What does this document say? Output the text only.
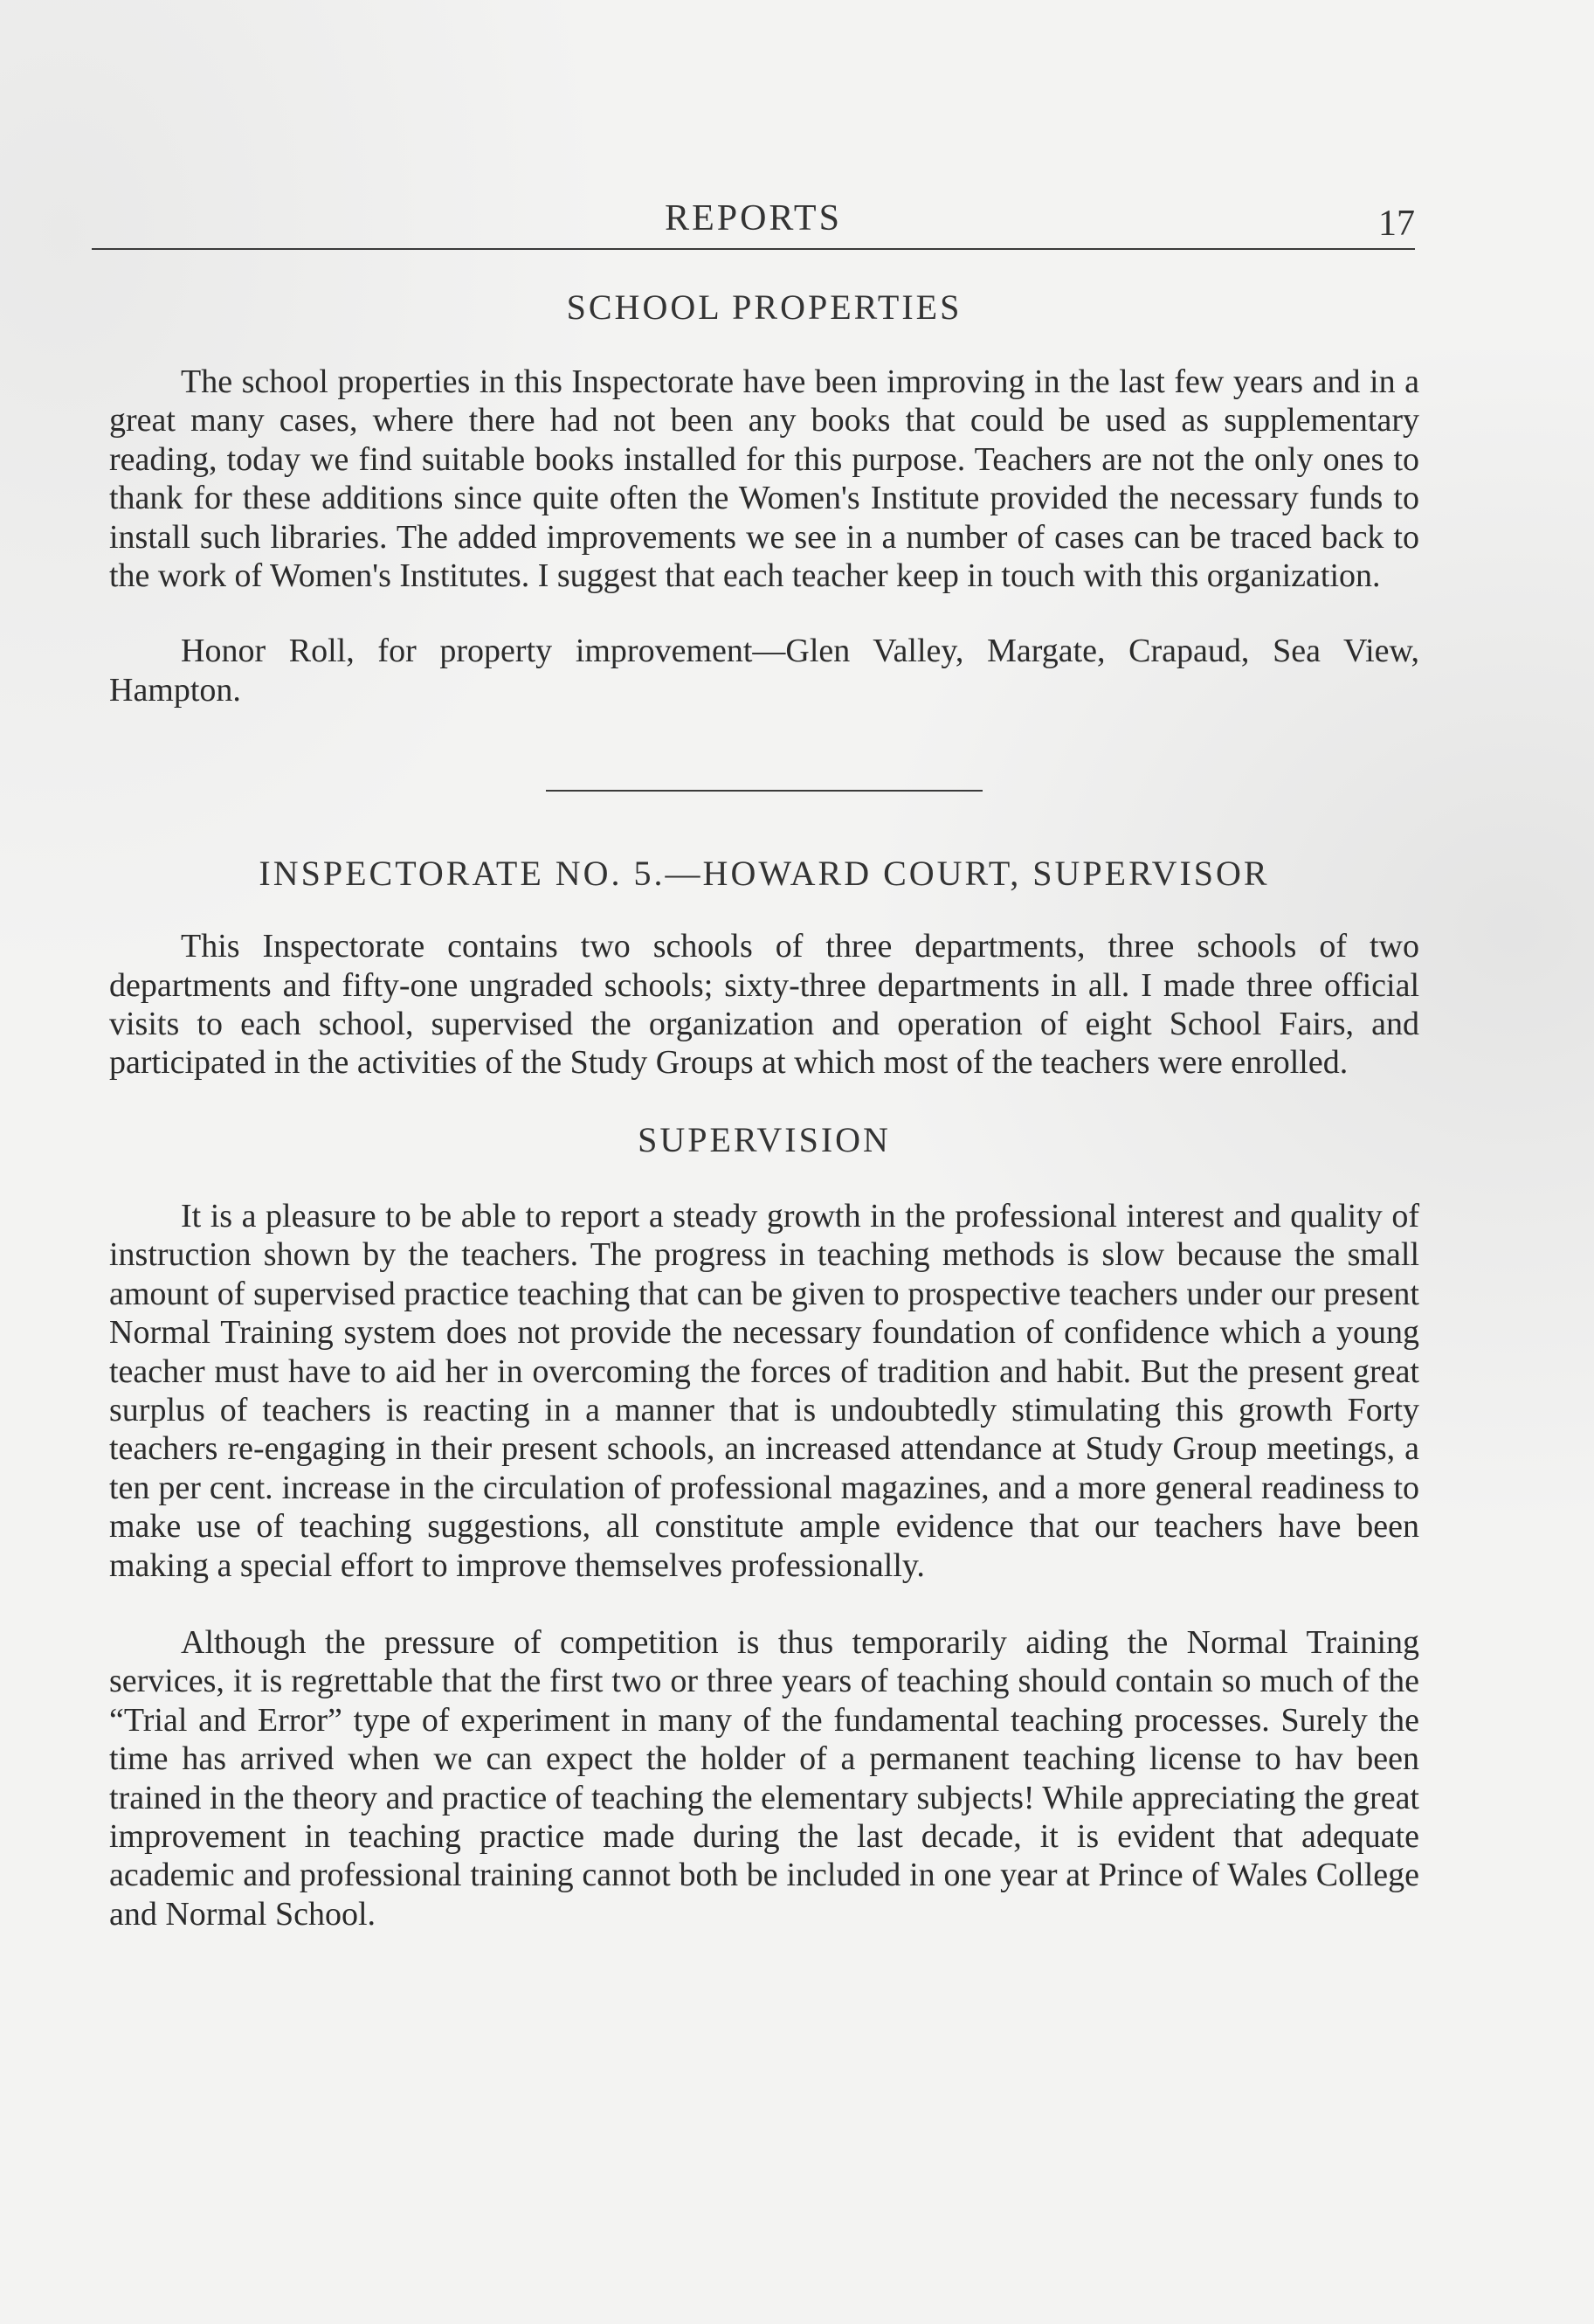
REPORTS	17
SCHOOL PROPERTIES

The school properties in this Inspectorate have been improving in the last few years and in a great many cases, where there had not been any books that could be used as supplementary reading, today we find suitable books installed for this purpose. Teachers are not the only ones to thank for these additions since quite often the Women's Institute provided the necessary funds to install such libraries. The added improvements we see in a number of cases can be traced back to the work of Women's Institutes. I suggest that each teacher keep in touch with this organization.

Honor Roll, for property improvement—Glen Valley, Margate, Crapaud, Sea View, Hampton.

INSPECTORATE NO. 5.—HOWARD COURT, SUPERVISOR

This Inspectorate contains two schools of three departments, three schools of two departments and fifty-one ungraded schools; sixty-three departments in all. I made three official visits to each school, supervised the organization and operation of eight School Fairs, and participated in the activities of the Study Groups at which most of the teachers were enrolled.

SUPERVISION

It is a pleasure to be able to report a steady growth in the professional interest and quality of instruction shown by the teachers. The progress in teaching methods is slow because the small amount of supervised practice teaching that can be given to prospective teachers under our present Normal Training system does not provide the necessary foundation of confidence which a young teacher must have to aid her in overcoming the forces of tradition and habit. But the present great surplus of teachers is reacting in a manner that is undoubtedly stimulating this growth Forty teachers re-engaging in their present schools, an increased attendance at Study Group meetings, a ten per cent. increase in the circulation of professional magazines, and a more general readiness to make use of teaching suggestions, all constitute ample evidence that our teachers have been making a special effort to improve themselves professionally.

Although the pressure of competition is thus temporarily aiding the Normal Training services, it is regrettable that the first two or three years of teaching should contain so much of the “Trial and Error” type of experiment in many of the fundamental teaching processes. Surely the time has arrived when we can expect the holder of a permanent teaching license to hav been trained in the theory and practice of teaching the elementary subjects! While appreciating the great improvement in teaching practice made during the last decade, it is evident that adequate academic and professional training cannot both be included in one year at Prince of Wales College and Normal School.
